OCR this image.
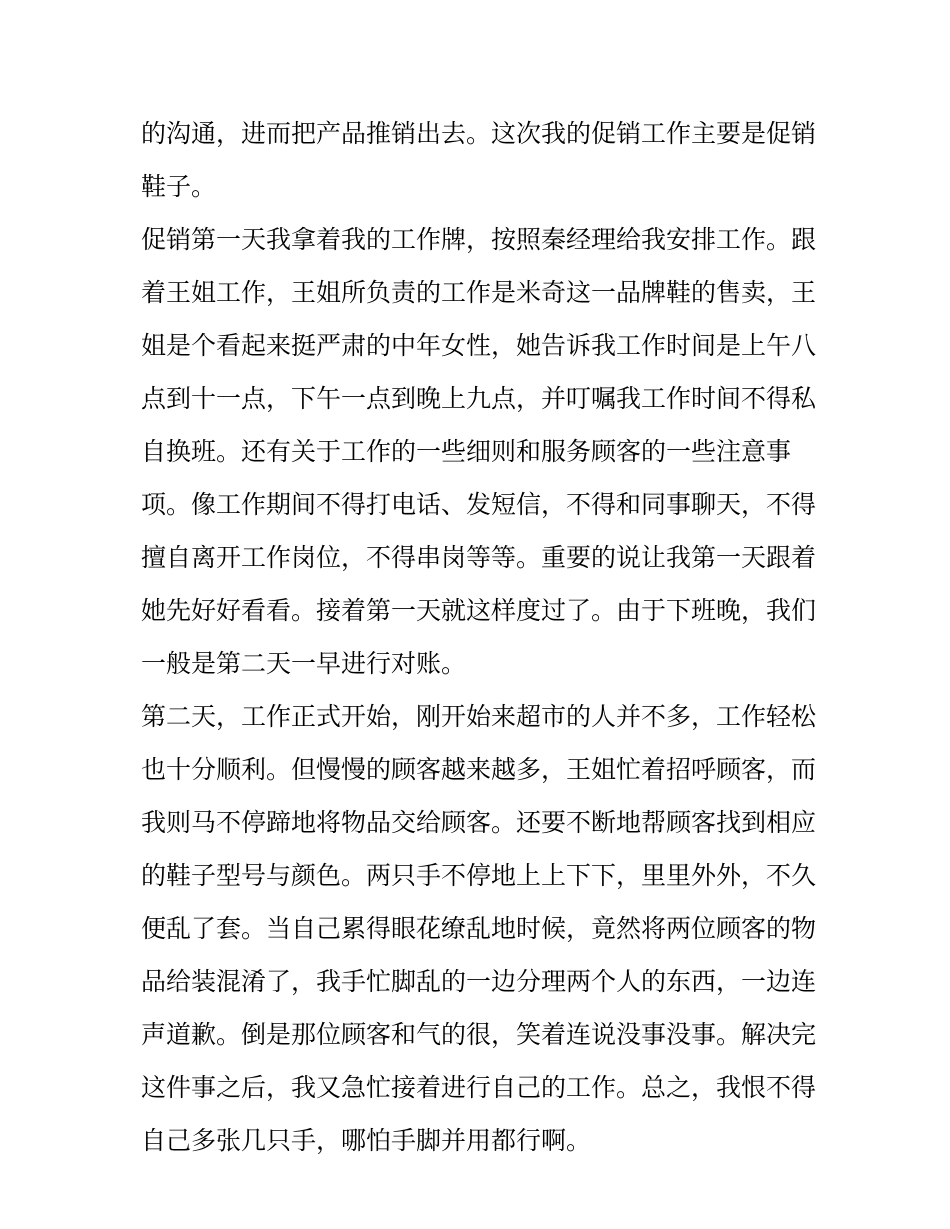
的沟通，进而把产品推销出去。这次我的促销工作主要是促销
鞋子。
促销第一天我拿着我的工作牌，按照秦经理给我安排工作。跟
着王姐工作，王姐所负责的工作是米奇这一品牌鞋的售卖，王
姐是个看起来挺严肃的中年女性，她告诉我工作时间是上午八
点到十一点，下午一点到晚上九点，并叮嘱我工作时间不得私
自换班。还有关于工作的一些细则和服务顾客的一些注意事
项。像工作期间不得打电话、发短信，不得和同事聊天，不得
擅自离开工作岗位，不得串岗等等。重要的说让我第一天跟着
她先好好看看。接着第一天就这样度过了。由于下班晚，我们
一般是第二天一早进行对账。
第二天，工作正式开始，刚开始来超市的人并不多，工作轻松
也十分顺利。但慢慢的顾客越来越多，王姐忙着招呼顾客，而
我则马不停蹄地将物品交给顾客。还要不断地帮顾客找到相应
的鞋子型号与颜色。两只手不停地上上下下，里里外外，不久
便乱了套。当自己累得眼花缭乱地时候，竟然将两位顾客的物
品给装混淆了，我手忙脚乱的一边分理两个人的东西，一边连
声道歉。倒是那位顾客和气的很，笑着连说没事没事。解决完
这件事之后，我又急忙接着进行自己的工作。总之，我恨不得
自己多张几只手，哪怕手脚并用都行啊。
